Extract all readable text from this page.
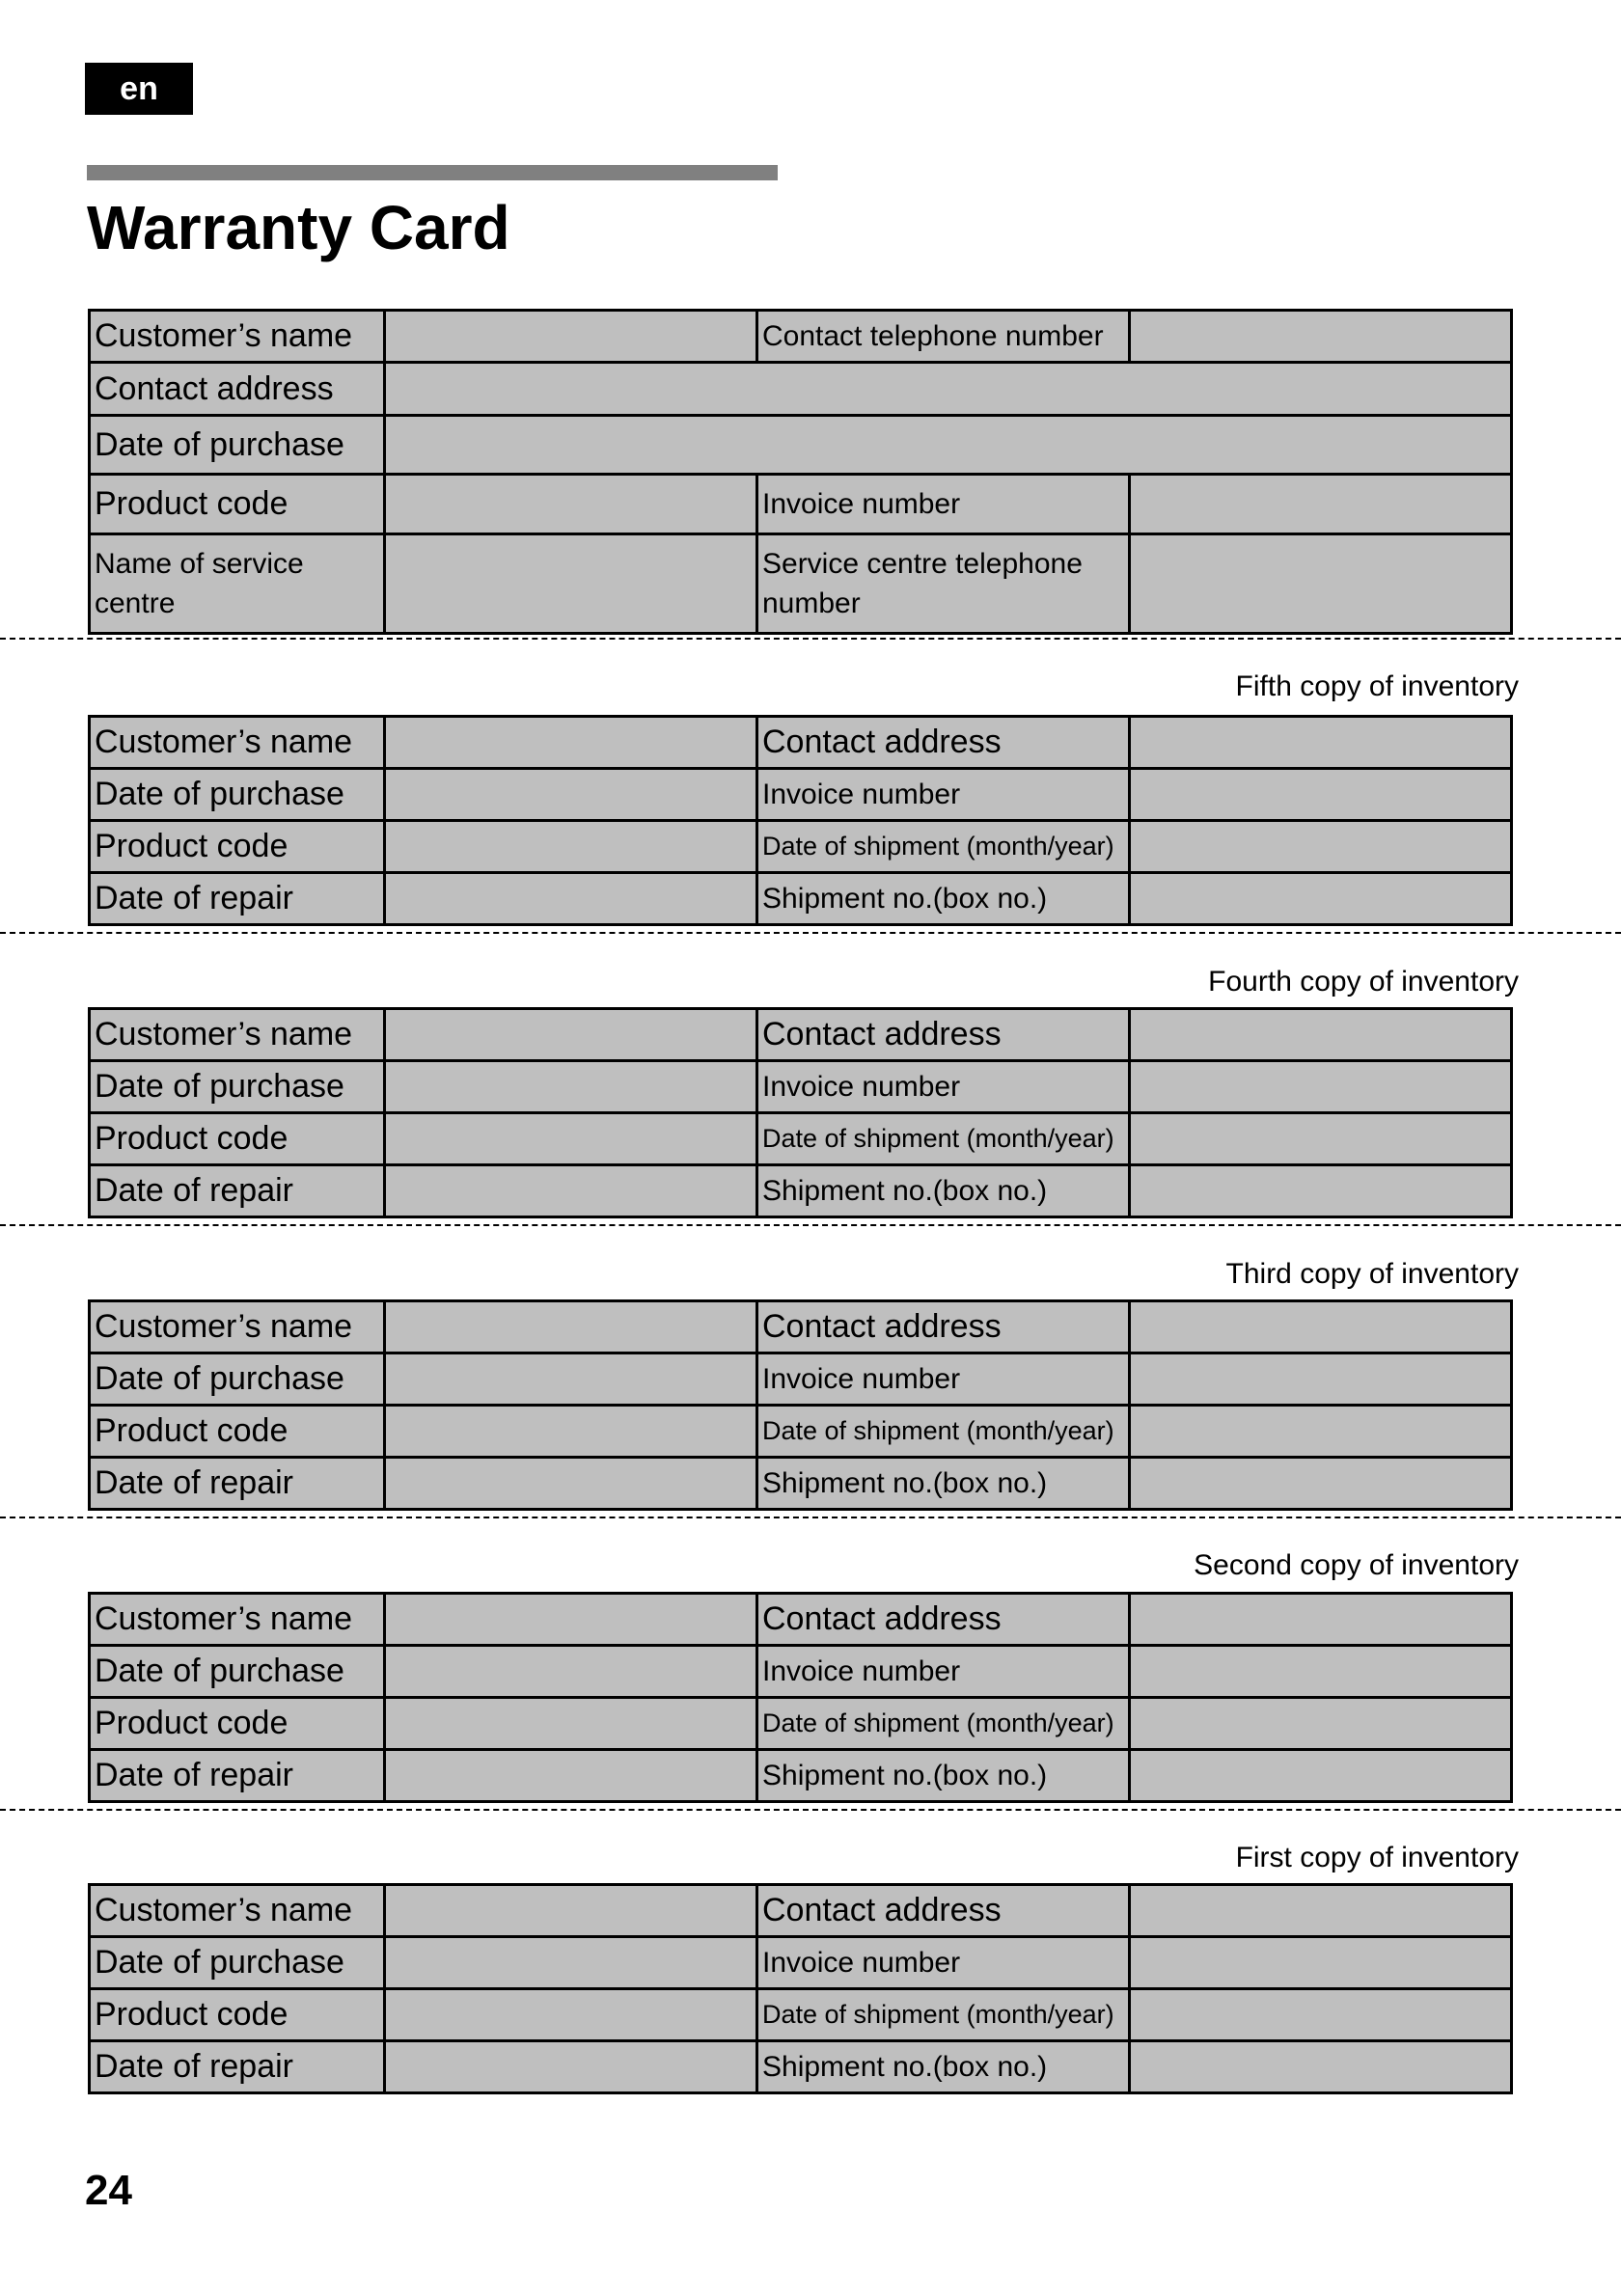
en
Warranty Card
Customer’s name		Contact telephone number	
Contact address			
Date of purchase			
Product code		Invoice number	
Name of service centre		Service centre telephone number	
Fifth copy of inventory
Customer’s name		Contact address	
Date of purchase		Invoice number	
Product code		Date of shipment (month/year)	
Date of repair		Shipment no.(box no.)	
Fourth copy of inventory
Customer’s name		Contact address	
Date of purchase		Invoice number	
Product code		Date of shipment (month/year)	
Date of repair		Shipment no.(box no.)	
Third copy of inventory
Customer’s name		Contact address	
Date of purchase		Invoice number	
Product code		Date of shipment (month/year)	
Date of repair		Shipment no.(box no.)	
Second copy of inventory
Customer’s name		Contact address	
Date of purchase		Invoice number	
Product code		Date of shipment (month/year)	
Date of repair		Shipment no.(box no.)	
First copy of inventory
Customer’s name		Contact address	
Date of purchase		Invoice number	
Product code		Date of shipment (month/year)	
Date of repair		Shipment no.(box no.)	
24
